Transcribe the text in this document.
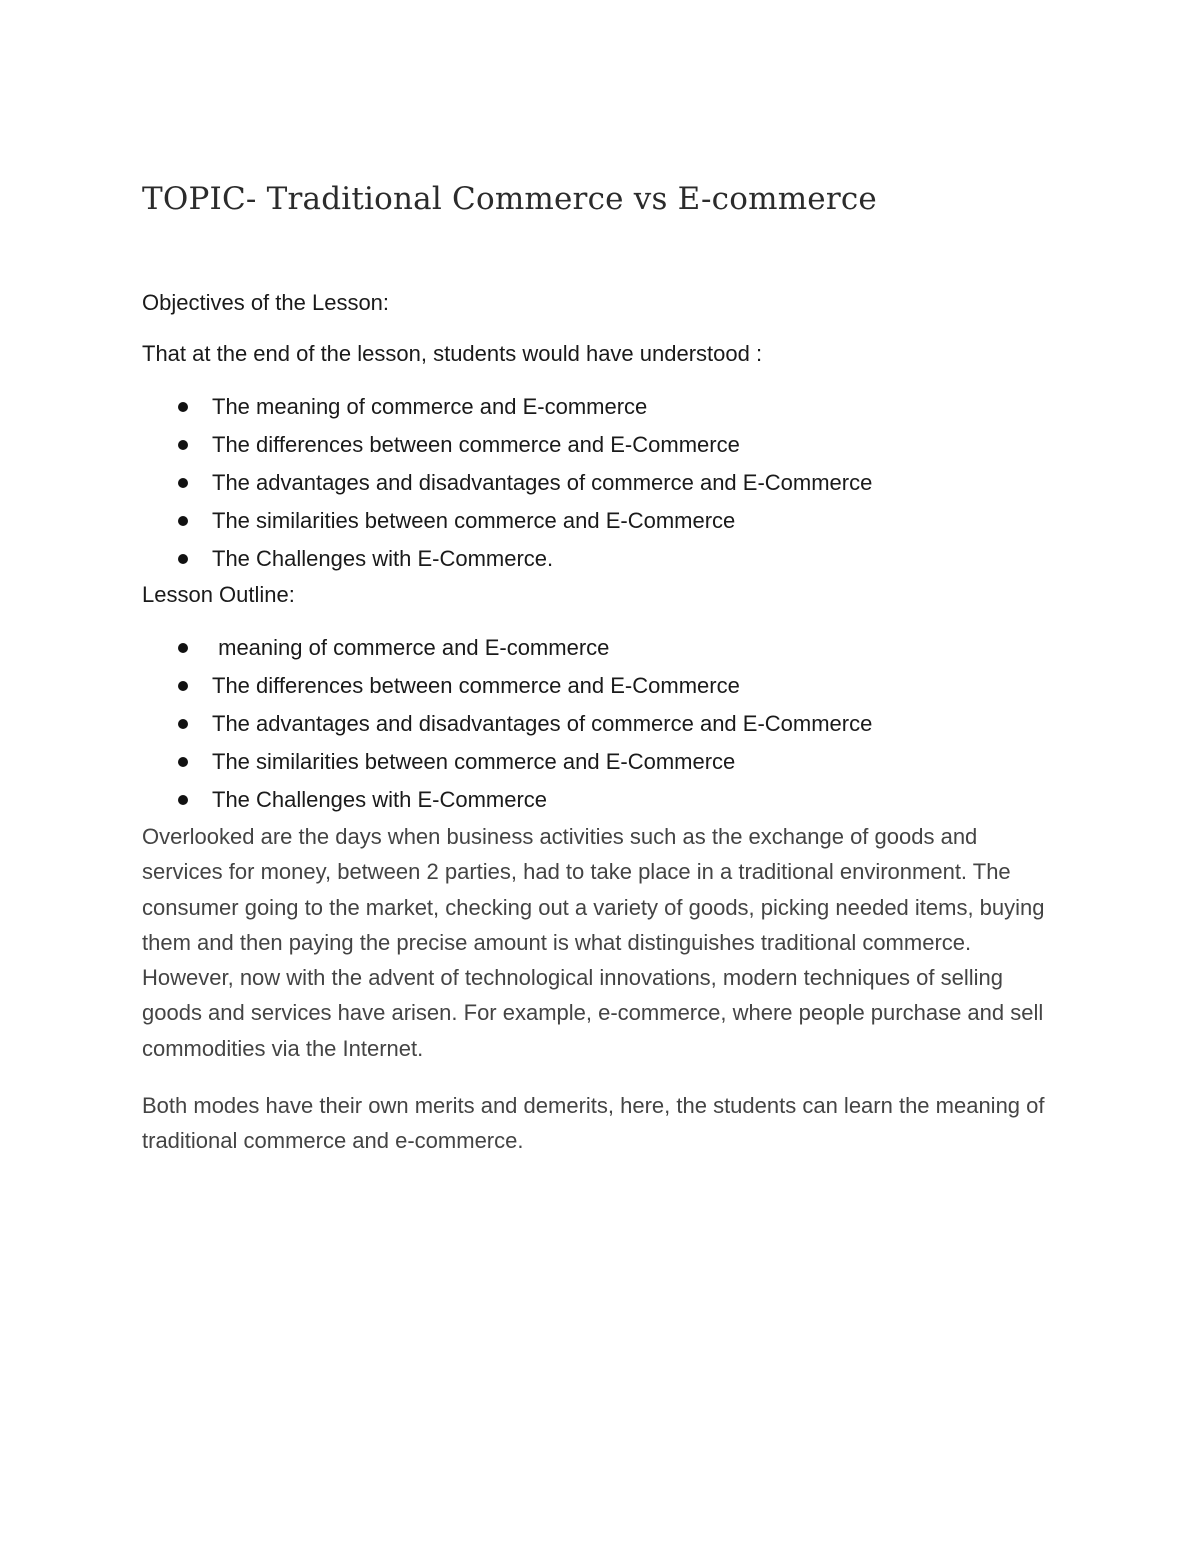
TOPIC- Traditional Commerce vs E-commerce

Objectives of the Lesson:

That at the end of the lesson, students would have understood :

The meaning of commerce and E-commerce
The differences between commerce and E-Commerce
The advantages and disadvantages of commerce and E-Commerce
The similarities between commerce and E-Commerce
The Challenges with E-Commerce.

Lesson Outline:

meaning of commerce and E-commerce
The differences between commerce and E-Commerce
The advantages and disadvantages of commerce and E-Commerce
The similarities between commerce and E-Commerce
The Challenges with E-Commerce

Overlooked are the days when business activities such as the exchange of goods and services for money, between 2 parties, had to take place in a traditional environment. The consumer going to the market, checking out a variety of goods, picking needed items, buying them and then paying the precise amount is what distinguishes traditional commerce. However, now with the advent of technological innovations, modern techniques of selling goods and services have arisen. For example, e-commerce, where people purchase and sell commodities via the Internet.

Both modes have their own merits and demerits, here, the students can learn the meaning of traditional commerce and e-commerce.
